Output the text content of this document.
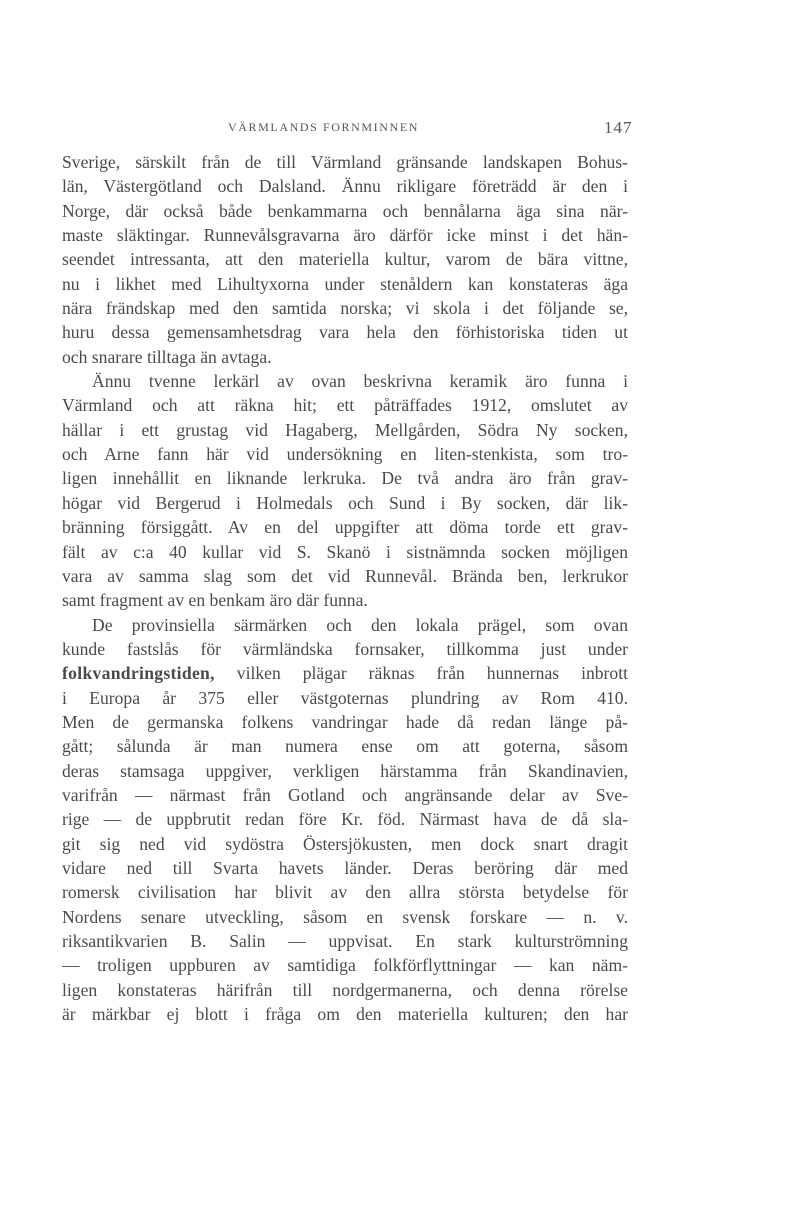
VÄRMLANDS FORNMINNEN	147
Sverige, särskilt från de till Värmland gränsande landskapen Bohus-
län, Västergötland och Dalsland. Ännu rikligare företrädd är den i
Norge, där också både benkammarna och bennålarna äga sina när-
maste släktingar. Runnevålsgravarna äro därför icke minst i det hän-
seendet intressanta, att den materiella kultur, varom de bära vittne,
nu i likhet med Lihultyxorna under stenåldern kan konstateras äga
nära frändskap med den samtida norska; vi skola i det följande se,
huru dessa gemensamhetsdrag vara hela den förhistoriska tiden ut
och snarare tilltaga än avtaga.
Ännu tvenne lerkärl av ovan beskrivna keramik äro funna i
Värmland och att räkna hit; ett påträffades 1912, omslutet av
hällar i ett grustag vid Hagaberg, Mellgården, Södra Ny socken,
och Arne fann här vid undersökning en liten-stenkista, som tro-
ligen innehållit en liknande lerkruka. De två andra äro från grav-
högar vid Bergerud i Holmedals och Sund i By socken, där lik-
bränning försiggått. Av en del uppgifter att döma torde ett grav-
fält av c:a 40 kullar vid S. Skanö i sistnämnda socken möjligen
vara av samma slag som det vid Runnevål. Brända ben, lerkrukor
samt fragment av en benkam äro där funna.
De provinsiella särmärken och den lokala prägel, som ovan
kunde fastslås för värmländska fornsaker, tillkomma just under
folkvandringstiden, vilken plägar räknas från hunnernas inbrott
i Europa år 375 eller västgoternas plundring av Rom 410.
Men de germanska folkens vandringar hade då redan länge på-
gått; sålunda är man numera ense om att goterna, såsom
deras stamsaga uppgiver, verkligen härstamma från Skandinavien,
varifrån — närmast från Gotland och angränsande delar av Sve-
rige — de uppbrutit redan före Kr. föd. Närmast hava de då sla-
git sig ned vid sydöstra Östersjökusten, men dock snart dragit
vidare ned till Svarta havets länder. Deras beröring där med
romersk civilisation har blivit av den allra största betydelse för
Nordens senare utveckling, såsom en svensk forskare — n. v.
riksantikvarien B. Salin — uppvisat. En stark kulturströmning
— troligen uppburen av samtidiga folkförflyttningar — kan näm-
ligen konstateras härifrån till nordgermanerna, och denna rörelse
är märkbar ej blott i fråga om den materiella kulturen; den har
